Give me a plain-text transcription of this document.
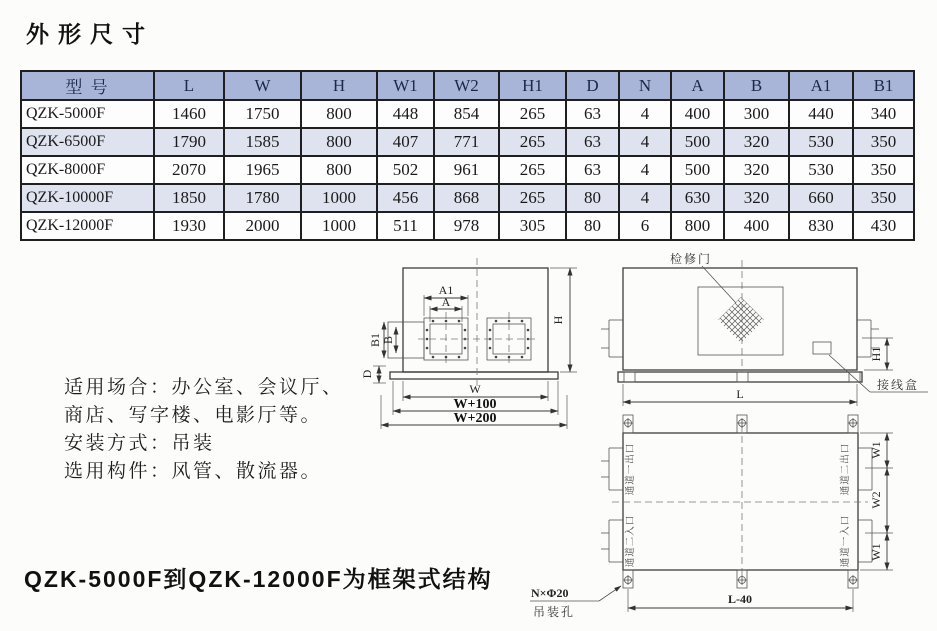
外形尺寸
型 号	L	W	H	W1	W2	H1	D	N	A	B	A1	B1
QZK-5000F	1460	1750	800	448	854	265	63	4	400	300	440	340
QZK-6500F	1790	1585	800	407	771	265	63	4	500	320	530	350
QZK-8000F	2070	1965	800	502	961	265	63	4	500	320	530	350
QZK-10000F	1850	1780	1000	456	868	265	80	4	630	320	660	350
QZK-12000F	1930	2000	1000	511	978	305	80	6	800	400	830	430
适用场合：办公室、会议厅、
商店、写字楼、电影厅等。
安装方式：吊装
选用构件：风管、散流器。
QZK-5000F到QZK-12000F为框架式结构
A1
A
B1 B
D
H
W
W+100
W+200
检修门
接线盒
H1
L
通道一出口
通道二入口
通道二出口
通道一入口
W1
W2
W1
L-40
N×Φ20
吊装孔
